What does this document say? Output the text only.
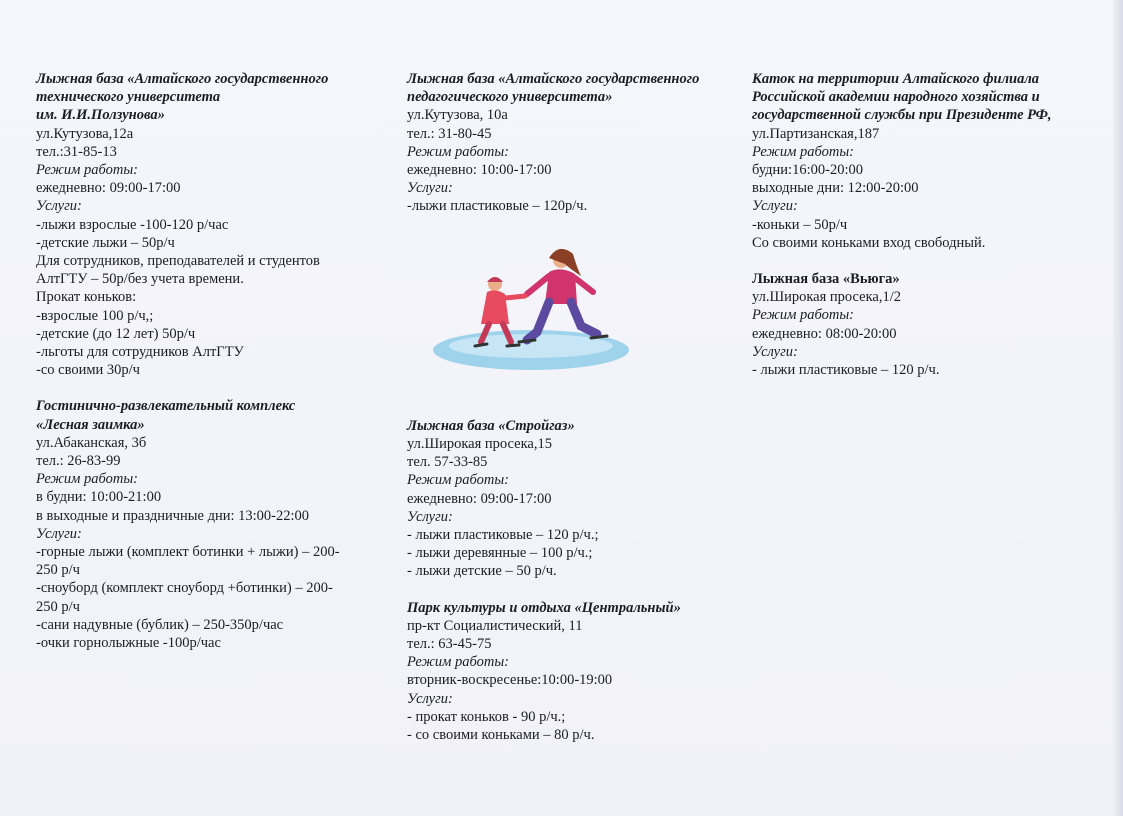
Лыжная база «Алтайского государственного
технического университета
им. И.И.Ползунова»
ул.Кутузова,12а
тел.:31-85-13
Режим работы:
ежедневно: 09:00-17:00
Услуги:
-лыжи взрослые -100-120 р/час
-детские лыжи – 50р/ч
Для сотрудников, преподавателей и студентов
АлтГТУ – 50р/без учета времени.
Прокат коньков:
-взрослые 100 р/ч,;
-детские (до 12 лет) 50р/ч
-льготы для сотрудников АлтГТУ
-со своими 30р/ч
Гостинично-развлекательный комплекс
«Лесная заимка»
ул.Абаканская, 3б
тел.: 26-83-99
Режим работы:
в будни: 10:00-21:00
в выходные и праздничные дни: 13:00-22:00
Услуги:
-горные лыжи (комплект ботинки + лыжи) – 200-
250 р/ч
-сноуборд (комплект сноуборд +ботинки) – 200-
250 р/ч
-сани надувные (бублик) – 250-350р/час
-очки горнолыжные -100р/час
Лыжная база «Алтайского государственного
педагогического университета»
ул.Кутузова, 10а
тел.: 31-80-45
Режим работы:
ежедневно: 10:00-17:00
Услуги:
-лыжи пластиковые – 120р/ч.
Лыжная база «Стройгаз»
ул.Широкая просека,15
тел. 57-33-85
Режим работы:
ежедневно: 09:00-17:00
Услуги:
- лыжи пластиковые – 120 р/ч.;
- лыжи деревянные – 100 р/ч.;
- лыжи детские – 50 р/ч.
Парк культуры и отдыха «Центральный»
пр-кт Социалистический, 11
тел.: 63-45-75
Режим работы:
вторник-воскресенье:10:00-19:00
Услуги:
- прокат коньков - 90 р/ч.;
- со своими коньками – 80 р/ч.
Каток на территории Алтайского филиала
Российской академии народного хозяйства и
государственной службы при Президенте РФ,
ул.Партизанская,187
Режим работы:
будни:16:00-20:00
выходные дни: 12:00-20:00
Услуги:
-коньки – 50р/ч
Со своими коньками вход свободный.
Лыжная база «Вьюга»
ул.Широкая просека,1/2
Режим работы:
ежедневно: 08:00-20:00
Услуги:
- лыжи пластиковые – 120 р/ч.
